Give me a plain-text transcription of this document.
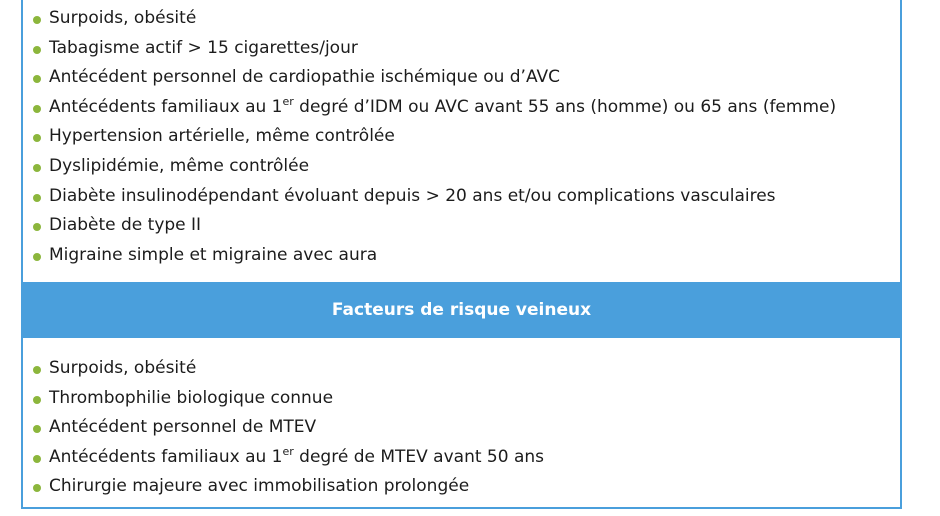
Surpoids, obésité
Tabagisme actif > 15 cigarettes/jour
Antécédent personnel de cardiopathie ischémique ou d’AVC
Antécédents familiaux au 1er degré d’IDM ou AVC avant 55 ans (homme) ou 65 ans (femme)
Hypertension artérielle, même contrôlée
Dyslipidémie, même contrôlée
Diabète insulinodépendant évoluant depuis > 20 ans et/ou complications vasculaires
Diabète de type II
Migraine simple et migraine avec aura
Facteurs de risque veineux
Surpoids, obésité
Thrombophilie biologique connue
Antécédent personnel de MTEV
Antécédents familiaux au 1er degré de MTEV avant 50 ans
Chirurgie majeure avec immobilisation prolongée
